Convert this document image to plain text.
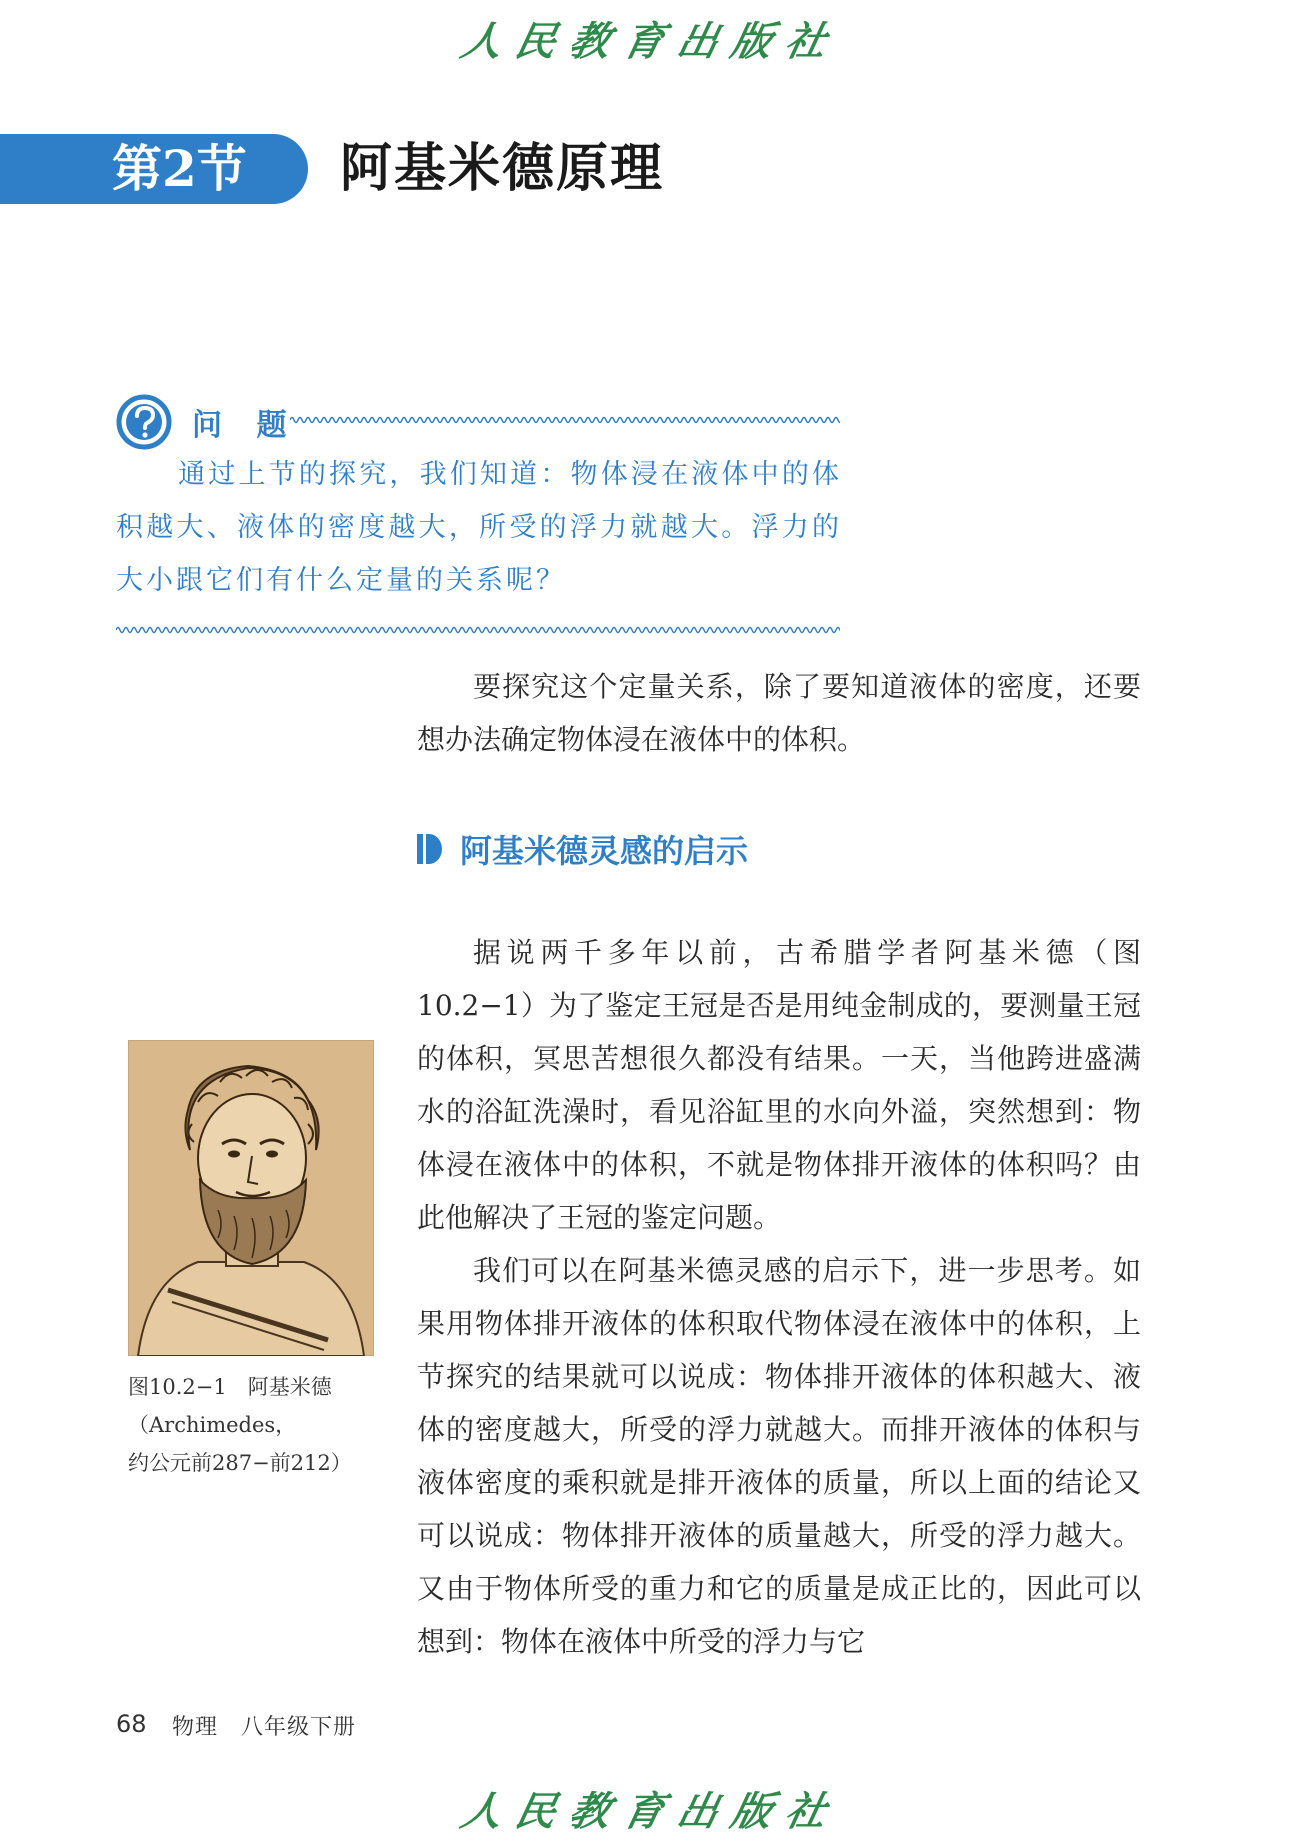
人民教育出版社
第2节 阿基米德原理
问 题
通过上节的探究，我们知道：物体浸在液体中的体积越大、液体的密度越大，所受的浮力就越大。浮力的大小跟它们有什么定量的关系呢？
要探究这个定量关系，除了要知道液体的密度，还要想办法确定物体浸在液体中的体积。
阿基米德灵感的启示
据说两千多年以前，古希腊学者阿基米德（图10.2−1）为了鉴定王冠是否是用纯金制成的，要测量王冠的体积，冥思苦想很久都没有结果。一天，当他跨进盛满水的浴缸洗澡时，看见浴缸里的水向外溢，突然想到：物体浸在液体中的体积，不就是物体排开液体的体积吗？由此他解决了王冠的鉴定问题。
图10.2−1　阿基米德
（Archimedes，
约公元前287−前212）
我们可以在阿基米德灵感的启示下，进一步思考。如果用物体排开液体的体积取代物体浸在液体中的体积，上节探究的结果就可以说成：物体排开液体的体积越大、液体的密度越大，所受的浮力就越大。而排开液体的体积与液体密度的乘积就是排开液体的质量，所以上面的结论又可以说成：物体排开液体的质量越大，所受的浮力越大。又由于物体所受的重力和它的质量是成正比的，因此可以想到：物体在液体中所受的浮力与它
68 物理　八年级下册
人民教育出版社
